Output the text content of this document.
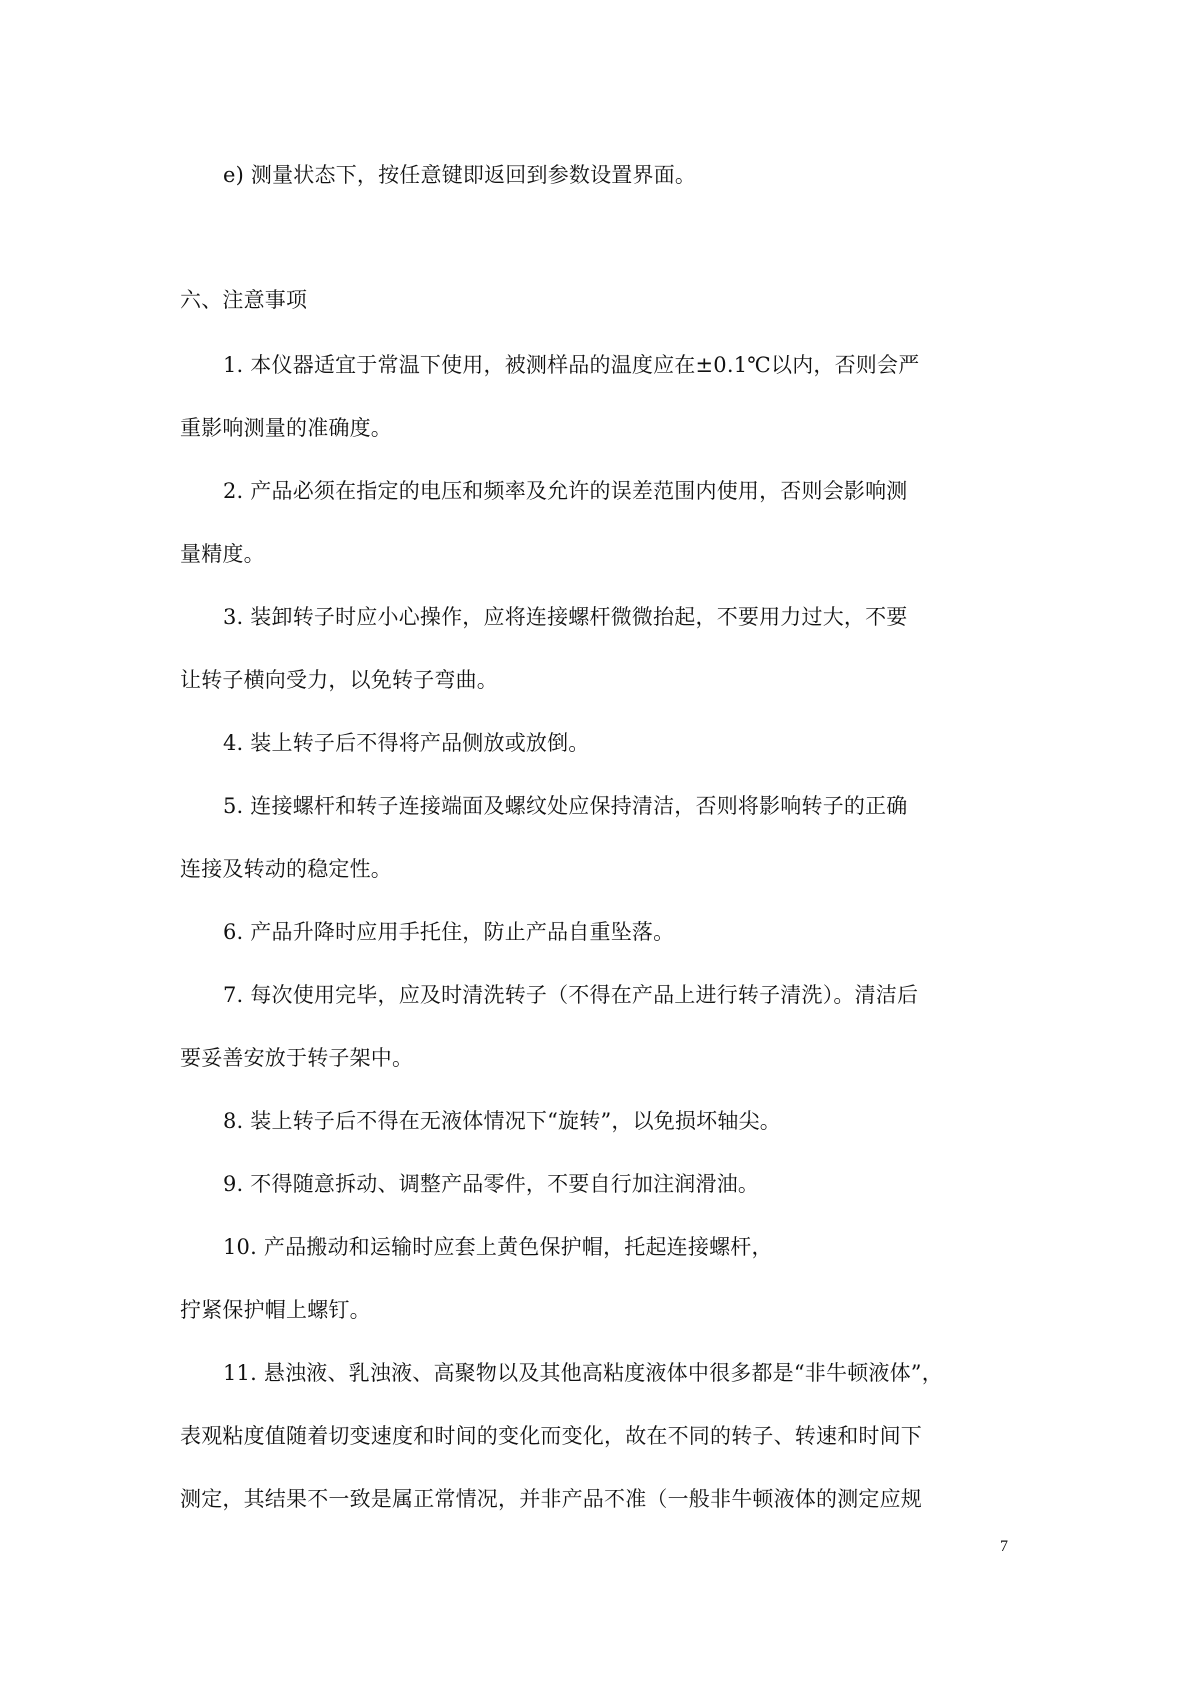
e) 测量状态下，按任意键即返回到参数设置界面。
六、注意事项
1. 本仪器适宜于常温下使用，被测样品的温度应在±0.1℃以内，否则会严
重影响测量的准确度。
2. 产品必须在指定的电压和频率及允许的误差范围内使用，否则会影响测
量精度。
3. 装卸转子时应小心操作，应将连接螺杆微微抬起，不要用力过大，不要
让转子横向受力，以免转子弯曲。
4. 装上转子后不得将产品侧放或放倒。
5. 连接螺杆和转子连接端面及螺纹处应保持清洁，否则将影响转子的正确
连接及转动的稳定性。
6. 产品升降时应用手托住，防止产品自重坠落。
7. 每次使用完毕，应及时清洗转子（不得在产品上进行转子清洗）。清洁后
要妥善安放于转子架中。
8. 装上转子后不得在无液体情况下“旋转”，以免损坏轴尖。
9. 不得随意拆动、调整产品零件，不要自行加注润滑油。
10. 产品搬动和运输时应套上黄色保护帽，托起连接螺杆，
拧紧保护帽上螺钉。
11. 悬浊液、乳浊液、高聚物以及其他高粘度液体中很多都是“非牛顿液体”，
表观粘度值随着切变速度和时间的变化而变化，故在不同的转子、转速和时间下
测定，其结果不一致是属正常情况，并非产品不准（一般非牛顿液体的测定应规
7
